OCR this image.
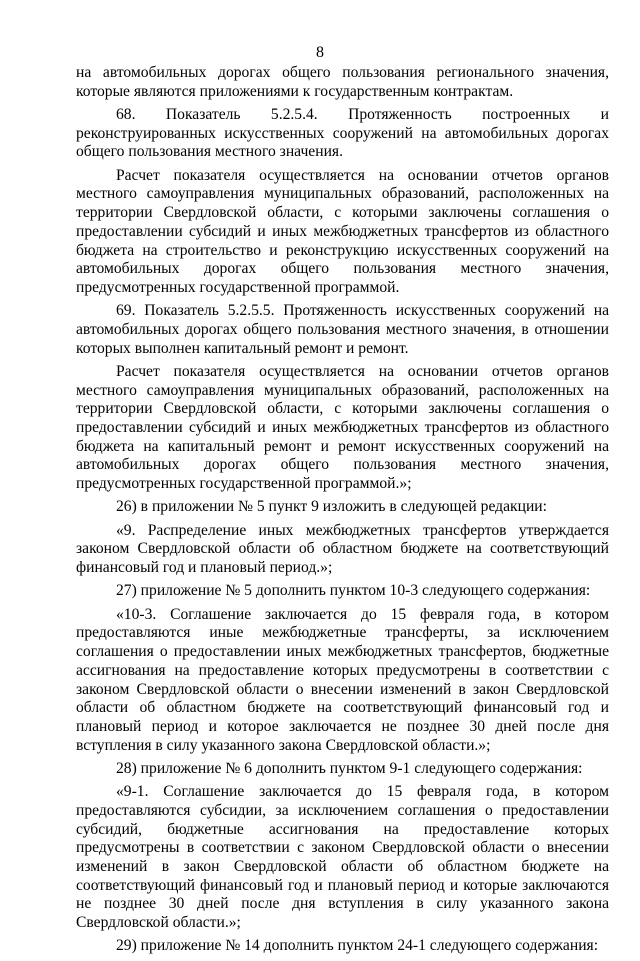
8

на автомобильных дорогах общего пользования регионального значения, которые являются приложениями к государственным контрактам.

68. Показатель 5.2.5.4. Протяженность построенных и реконструированных искусственных сооружений на автомобильных дорогах общего пользования местного значения.

Расчет показателя осуществляется на основании отчетов органов местного самоуправления муниципальных образований, расположенных на территории Свердловской области, с которыми заключены соглашения о предоставлении субсидий и иных межбюджетных трансфертов из областного бюджета на строительство и реконструкцию искусственных сооружений на автомобильных дорогах общего пользования местного значения, предусмотренных государственной программой.

69. Показатель 5.2.5.5. Протяженность искусственных сооружений на автомобильных дорогах общего пользования местного значения, в отношении которых выполнен капитальный ремонт и ремонт.

Расчет показателя осуществляется на основании отчетов органов местного самоуправления муниципальных образований, расположенных на территории Свердловской области, с которыми заключены соглашения о предоставлении субсидий и иных межбюджетных трансфертов из областного бюджета на капитальный ремонт и ремонт искусственных сооружений на автомобильных дорогах общего пользования местного значения, предусмотренных государственной программой.»;

26) в приложении № 5 пункт 9 изложить в следующей редакции:

«9. Распределение иных межбюджетных трансфертов утверждается законом Свердловской области об областном бюджете на соответствующий финансовый год и плановый период.»;

27) приложение № 5 дополнить пунктом 10-3 следующего содержания:

«10-3. Соглашение заключается до 15 февраля года, в котором предоставляются иные межбюджетные трансферты, за исключением соглашения о предоставлении иных межбюджетных трансфертов, бюджетные ассигнования на предоставление которых предусмотрены в соответствии с законом Свердловской области о внесении изменений в закон Свердловской области об областном бюджете на соответствующий финансовый год и плановый период и которое заключается не позднее 30 дней после дня вступления в силу указанного закона Свердловской области.»;

28) приложение № 6 дополнить пунктом 9-1 следующего содержания:

«9-1. Соглашение заключается до 15 февраля года, в котором предоставляются субсидии, за исключением соглашения о предоставлении субсидий, бюджетные ассигнования на предоставление которых предусмотрены в соответствии с законом Свердловской области о внесении изменений в закон Свердловской области об областном бюджете на соответствующий финансовый год и плановый период и которые заключаются не позднее 30 дней после дня вступления в силу указанного закона Свердловской области.»;

29) приложение № 14 дополнить пунктом 24-1 следующего содержания:
